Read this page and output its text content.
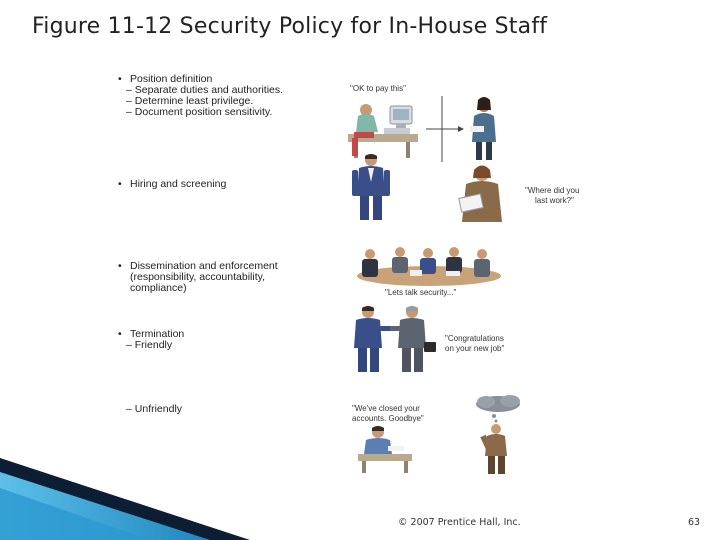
Figure 11-12 Security Policy for In-House Staff
• Position definition
– Separate duties and authorities.
– Determine least privilege.
– Document position sensitivity.
"OK to pay this"
• Hiring and screening
"Where did you
last work?"
• Dissemination and enforcement
(responsibility, accountability,
compliance)	"Lets talk security..."
• Termination
– Friendly
"Congratulations
on your new job"
– Unfriendly	"We've closed your
accounts. Goodbye"
© 2007 Prentice Hall, Inc.	63
